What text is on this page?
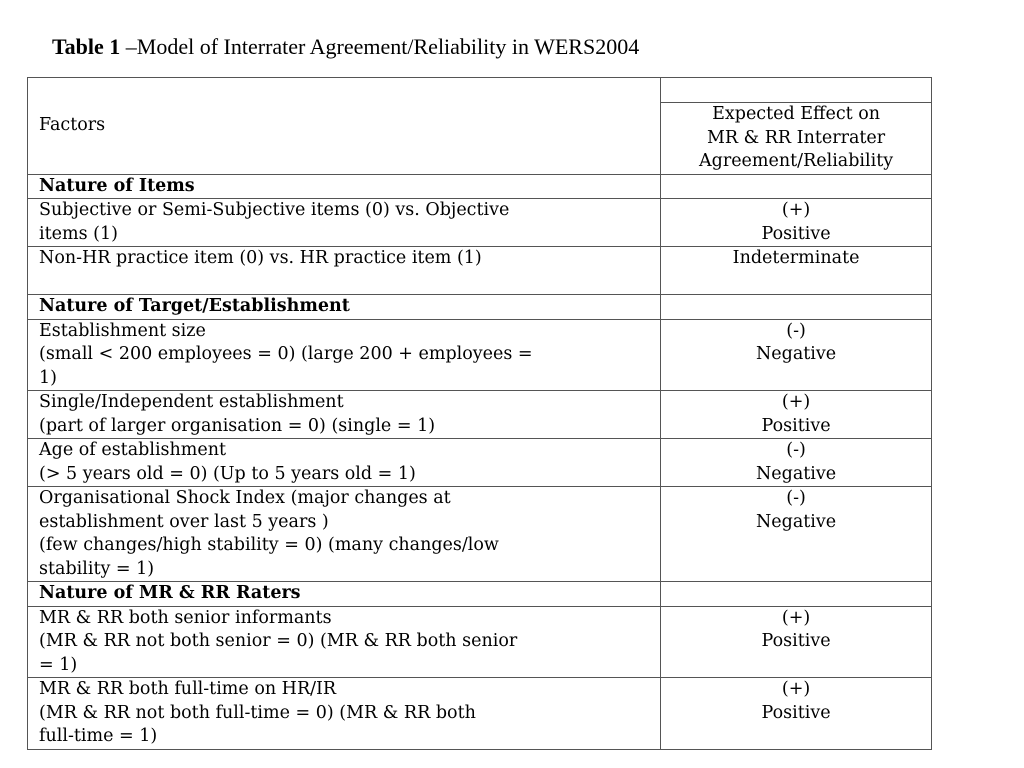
Table 1 –Model of Interrater Agreement/Reliability in WERS2004
Factors	Expected Effect on
MR & RR Interrater
Agreement/Reliability

Nature of Items	

Subjective or Semi-Subjective items (0) vs. Objective
items (1)	(+)
Positive

Non-HR practice item (0) vs. HR practice item (1)	Indeterminate

Nature of Target/Establishment	

Establishment size
(small < 200 employees = 0) (large 200 + employees =
1)	(-)
Negative

Single/Independent establishment
(part of larger organisation = 0) (single = 1)	(+)
Positive

Age of establishment
(> 5 years old = 0) (Up to 5 years old = 1)	(-)
Negative

Organisational Shock Index (major changes at
establishment over last 5 years )
(few changes/high stability = 0) (many changes/low
stability = 1)	(-)
Negative

Nature of MR & RR Raters	

MR & RR both senior informants
(MR & RR not both senior = 0) (MR & RR both senior
= 1)	(+)
Positive

MR & RR both full-time on HR/IR
(MR & RR not both full-time = 0) (MR & RR both
full-time = 1)	(+)
Positive
